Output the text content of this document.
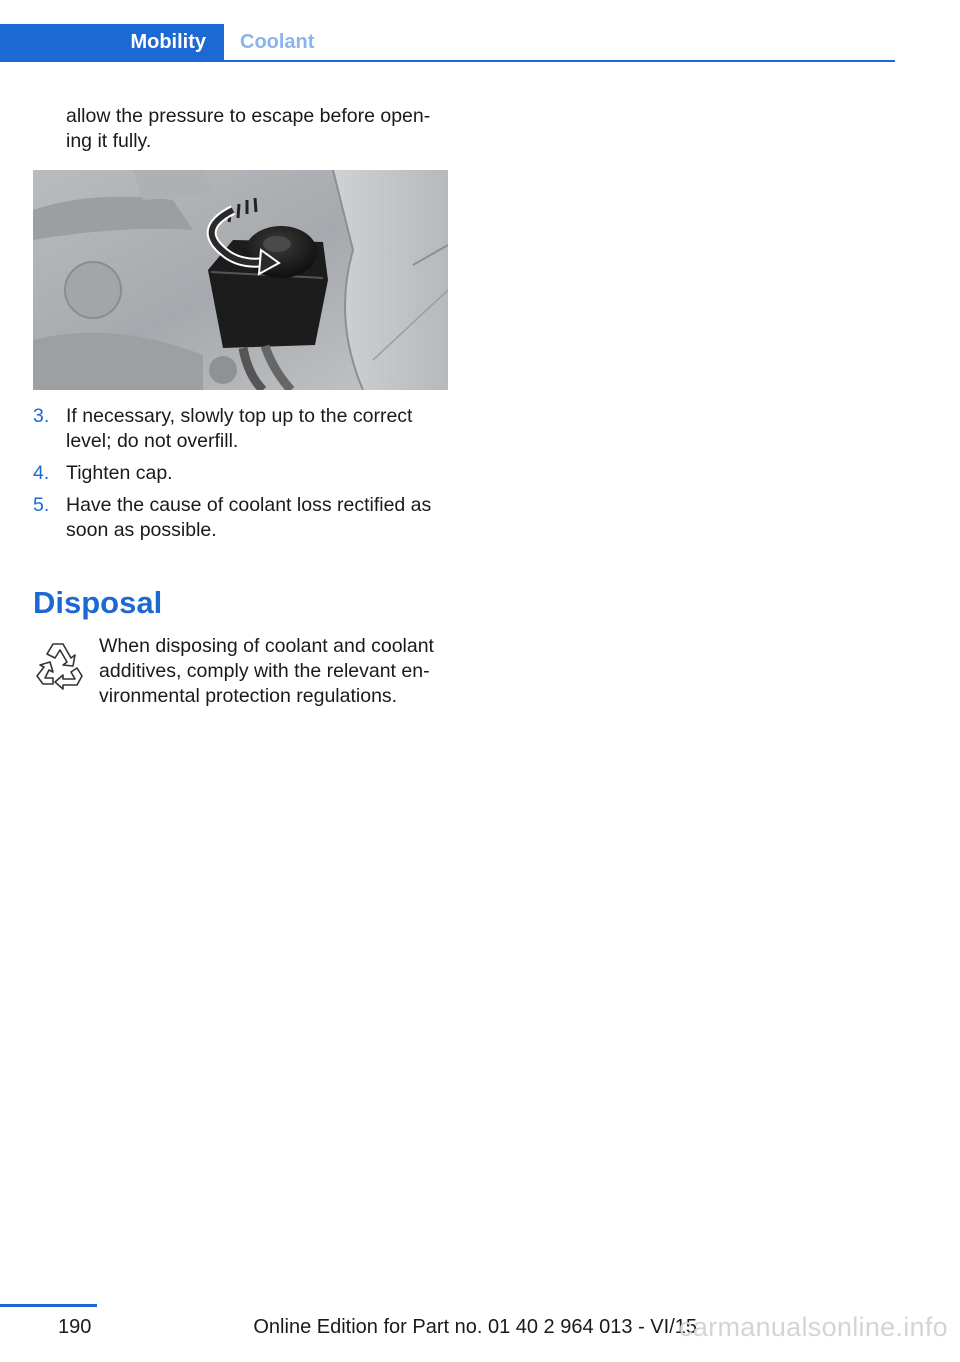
Mobility Coolant
allow the pressure to escape before open‐ ing it fully.
3. If necessary, slowly top up to the correct level; do not overfill.
4. Tighten cap.
5. Have the cause of coolant loss rectified as soon as possible.
Disposal
When disposing of coolant and coolant additives, comply with the relevant en‐ vironmental protection regulations.
190	Online Edition for Part no. 01 40 2 964 013 - VI/15
carmanualsonline.info
